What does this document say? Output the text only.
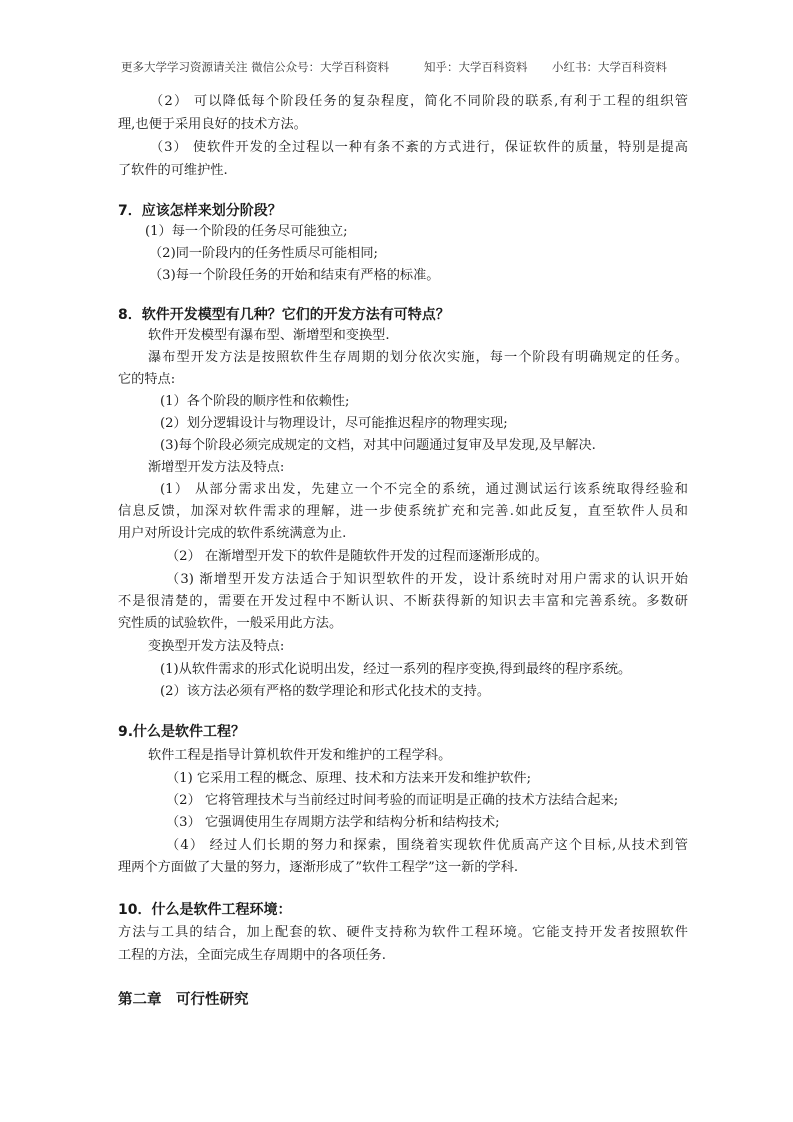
更多大学学习资源请关注 微信公众号：大学百科资料	知乎：大学百科资料 小红书：大学百科资料
（2） 可以降低每个阶段任务的复杂程度，简化不同阶段的联系,有利于工程的组织管
理,也便于采用良好的技术方法。
（3） 使软件开发的全过程以一种有条不紊的方式进行，保证软件的质量，特别是提高
了软件的可维护性.
7．应该怎样来划分阶段？
(1）每一个阶段的任务尽可能独立;
（2)同一阶段内的任务性质尽可能相同;
（3)每一个阶段任务的开始和结束有严格的标准。
8．软件开发模型有几种？它们的开发方法有可特点？
软件开发模型有瀑布型、渐增型和变换型.
瀑布型开发方法是按照软件生存周期的划分依次实施，每一个阶段有明确规定的任务。
它的特点:
(1）各个阶段的顺序性和依赖性;
(2）划分逻辑设计与物理设计，尽可能推迟程序的物理实现;
(3)每个阶段必须完成规定的文档，对其中问题通过复审及早发现,及早解决.
渐增型开发方法及特点:
(1） 从部分需求出发，先建立一个不完全的系统，通过测试运行该系统取得经验和
信息反馈，加深对软件需求的理解，进一步使系统扩充和完善.如此反复，直至软件人员和
用户对所设计完成的软件系统满意为止.
（2） 在渐增型开发下的软件是随软件开发的过程而逐渐形成的。
（3) 渐增型开发方法适合于知识型软件的开发，设计系统时对用户需求的认识开始
不是很清楚的，需要在开发过程中不断认识、不断获得新的知识去丰富和完善系统。多数研
究性质的试验软件，一般采用此方法。
变换型开发方法及特点:
(1)从软件需求的形式化说明出发，经过一系列的程序变换,得到最终的程序系统。
(2）该方法必须有严格的数学理论和形式化技术的支持。
9.什么是软件工程？
软件工程是指导计算机软件开发和维护的工程学科。
（1) 它采用工程的概念、原理、技术和方法来开发和维护软件;
（2） 它将管理技术与当前经过时间考验的而证明是正确的技术方法结合起来;
（3） 它强调使用生存周期方法学和结构分析和结构技术;
（4） 经过人们长期的努力和探索，围绕着实现软件优质高产这个目标,从技术到管
理两个方面做了大量的努力，逐渐形成了”软件工程学”这一新的学科.
10．什么是软件工程环境：
方法与工具的结合，加上配套的软、硬件支持称为软件工程环境。它能支持开发者按照软件
工程的方法，全面完成生存周期中的各项任务.
第二章　可行性研究
